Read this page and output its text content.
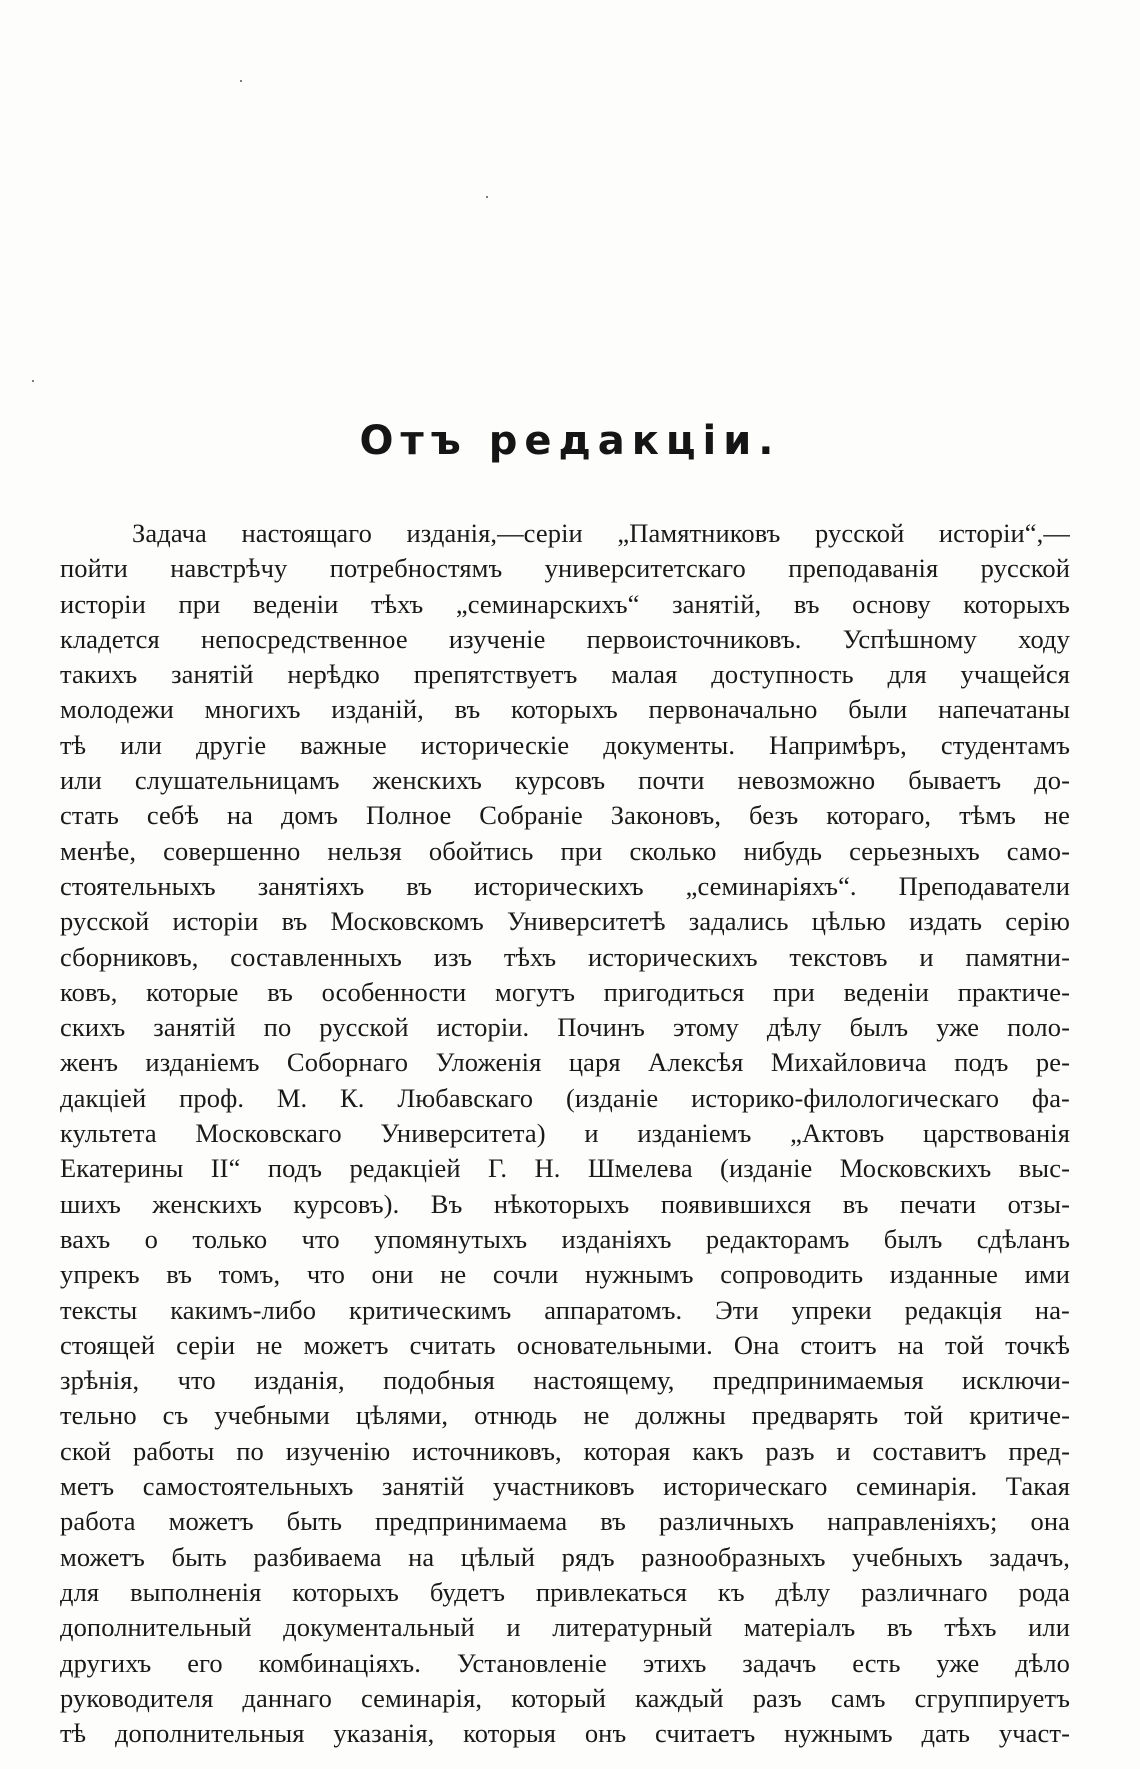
Отъ редакціи.
Задача настоящаго изданія,—серіи „Памятниковъ русской исторіи“,—
пойти навстрѣчу потребностямъ университетскаго преподаванія русской
исторіи при веденіи тѣхъ „семинарскихъ“ занятій, въ основу которыхъ
кладется непосредственное изученіе первоисточниковъ. Успѣшному ходу
такихъ занятій нерѣдко препятствуетъ малая доступность для учащейся
молодежи многихъ изданій, въ которыхъ первоначально были напечатаны
тѣ или другіе важные историческіе документы. Напримѣръ, студентамъ
или слушательницамъ женскихъ курсовъ почти невозможно бываетъ до-
стать себѣ на домъ Полное Собраніе Законовъ, безъ котораго, тѣмъ не
менѣе, совершенно нельзя обойтись при сколько нибудь серьезныхъ само-
стоятельныхъ занятіяхъ въ историческихъ „семинаріяхъ“. Преподаватели
русской исторіи въ Московскомъ Университетѣ задались цѣлью издать серію
сборниковъ, составленныхъ изъ тѣхъ историческихъ текстовъ и памятни-
ковъ, которые въ особенности могутъ пригодиться при веденіи практиче-
скихъ занятій по русской исторіи. Починъ этому дѣлу былъ уже поло-
женъ изданіемъ Соборнаго Уложенія царя Алексѣя Михайловича подъ ре-
дакціей проф. М. К. Любавскаго (изданіе историко-филологическаго фа-
культета Московскаго Университета) и изданіемъ „Актовъ царствованія
Екатерины II“ подъ редакціей Г. Н. Шмелева (изданіе Московскихъ выс-
шихъ женскихъ курсовъ). Въ нѣкоторыхъ появившихся въ печати отзы-
вахъ о только что упомянутыхъ изданіяхъ редакторамъ былъ сдѣланъ
упрекъ въ томъ, что они не сочли нужнымъ сопроводить изданные ими
тексты какимъ-либо критическимъ аппаратомъ. Эти упреки редакція на-
стоящей серіи не можетъ считать основательными. Она стоитъ на той точкѣ
зрѣнія, что изданія, подобныя настоящему, предпринимаемыя исключи-
тельно съ учебными цѣлями, отнюдь не должны предварять той критиче-
ской работы по изученію источниковъ, которая какъ разъ и составитъ пред-
метъ самостоятельныхъ занятій участниковъ историческаго семинарія. Такая
работа можетъ быть предпринимаема въ различныхъ направленіяхъ; она
можетъ быть разбиваема на цѣлый рядъ разнообразныхъ учебныхъ задачъ,
для выполненія которыхъ будетъ привлекаться къ дѣлу различнаго рода
дополнительный документальный и литературный матеріалъ въ тѣхъ или
другихъ его комбинаціяхъ. Установленіе этихъ задачъ есть уже дѣло
руководителя даннаго семинарія, который каждый разъ самъ сгруппируетъ
тѣ дополнительныя указанія, которыя онъ считаетъ нужнымъ дать участ-
